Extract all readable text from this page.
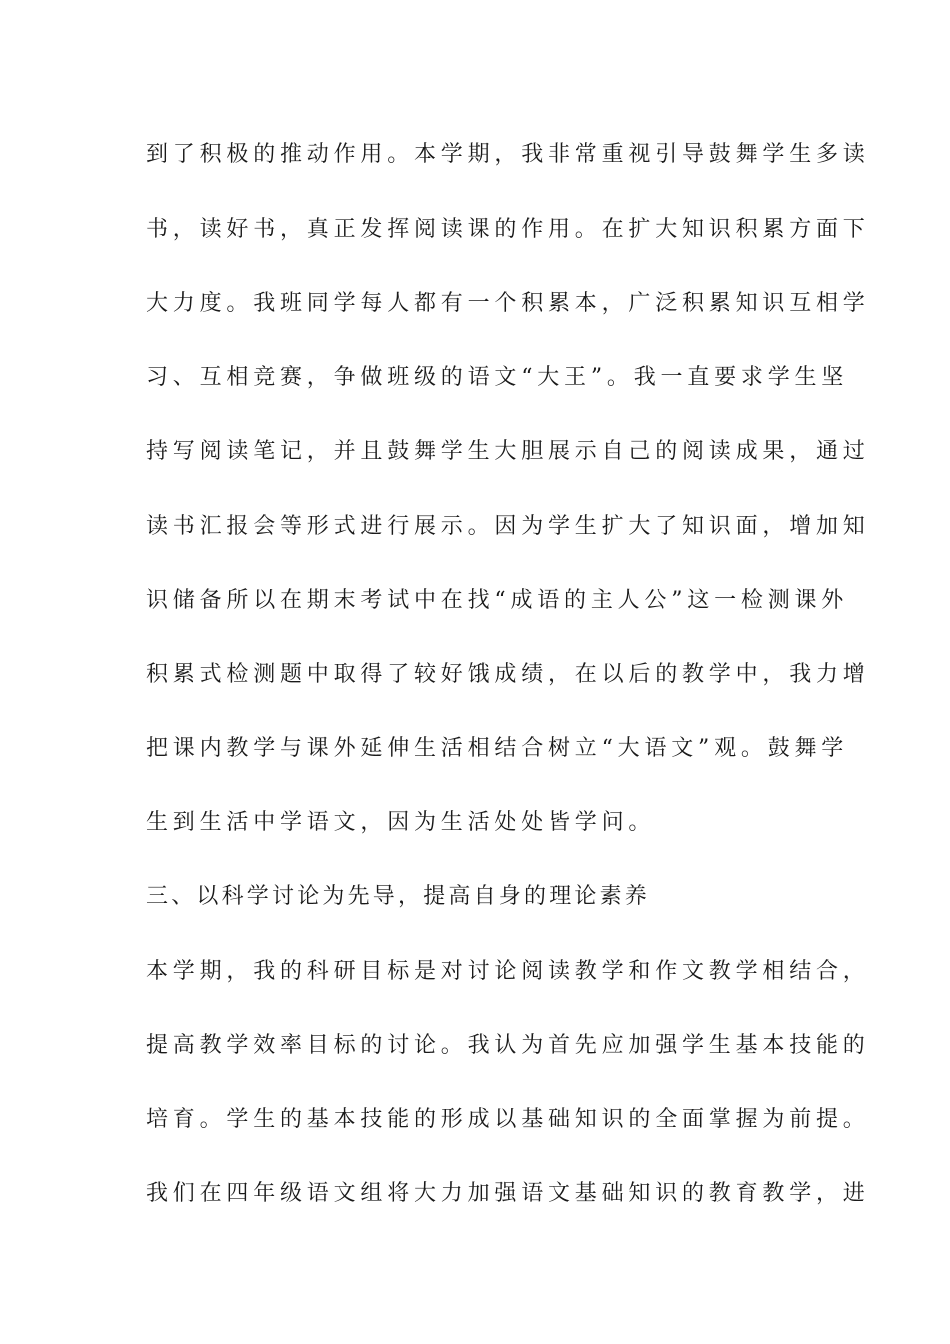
到了积极的推动作用。本学期，我非常重视引导鼓舞学生多读

书，读好书，真正发挥阅读课的作用。在扩大知识积累方面下

大力度。我班同学每人都有一个积累本，广泛积累知识互相学

习、互相竞赛，争做班级的语文“大王”。我一直要求学生坚

持写阅读笔记，并且鼓舞学生大胆展示自己的阅读成果，通过

读书汇报会等形式进行展示。因为学生扩大了知识面，增加知

识储备所以在期末考试中在找“成语的主人公”这一检测课外

积累式检测题中取得了较好饿成绩，在以后的教学中，我力增

把课内教学与课外延伸生活相结合树立“大语文”观。鼓舞学

生到生活中学语文，因为生活处处皆学问。

三、以科学讨论为先导，提高自身的理论素养

本学期，我的科研目标是对讨论阅读教学和作文教学相结合，

提高教学效率目标的讨论。我认为首先应加强学生基本技能的

培育。学生的基本技能的形成以基础知识的全面掌握为前提。

我们在四年级语文组将大力加强语文基础知识的教育教学，进
